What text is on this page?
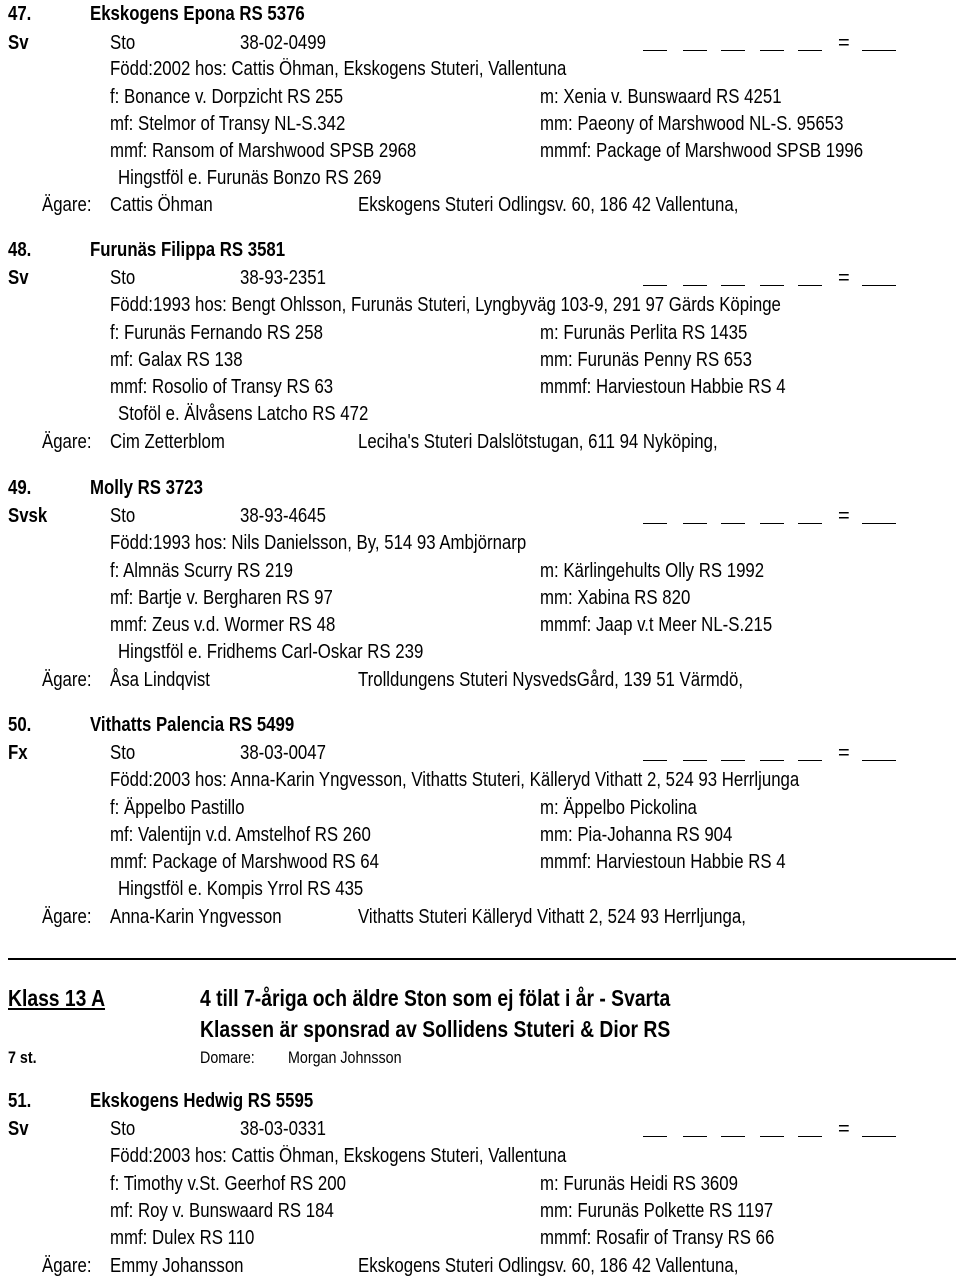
47.	Ekskogens Epona RS 5376
Sv	Sto	38-02-0499	=
Född:2002 hos: Cattis Öhman, Ekskogens Stuteri, Vallentuna
f: Bonance v. Dorpzicht RS 255	m: Xenia v. Bunswaard RS 4251
mf: Stelmor of Transy NL-S.342	mm: Paeony of Marshwood NL-S. 95653
mmf: Ransom of Marshwood SPSB 2968	mmmf: Package of Marshwood SPSB 1996
Hingstföl e. Furunäs Bonzo RS 269
Ägare: Cattis Öhman	Ekskogens Stuteri Odlingsv. 60, 186 42 Vallentuna,
48.	Furunäs Filippa RS 3581
Sv	Sto	38-93-2351	=
Född:1993 hos: Bengt Ohlsson, Furunäs Stuteri, Lyngbyväg 103-9, 291 97 Gärds Köpinge
f: Furunäs Fernando RS 258	m: Furunäs Perlita RS 1435
mf: Galax RS 138	mm: Furunäs Penny RS 653
mmf: Rosolio of Transy RS 63	mmmf: Harviestoun Habbie RS 4
Stoföl e. Älvåsens Latcho RS 472
Ägare: Cim Zetterblom	Leciha's Stuteri Dalslötstugan, 611 94 Nyköping,
49.	Molly RS 3723
Svsk	Sto	38-93-4645	=
Född:1993 hos: Nils Danielsson, By, 514 93 Ambjörnarp
f: Almnäs Scurry RS 219	m: Kärlingehults Olly RS 1992
mf: Bartje v. Bergharen RS 97	mm: Xabina RS 820
mmf: Zeus v.d. Wormer RS 48	mmmf: Jaap v.t Meer NL-S.215
Hingstföl e. Fridhems Carl-Oskar RS 239
Ägare: Åsa Lindqvist	Trolldungens Stuteri NysvedsGård, 139 51 Värmdö,
50.	Vithatts Palencia RS 5499
Fx	Sto	38-03-0047	=
Född:2003 hos: Anna-Karin Yngvesson, Vithatts Stuteri, Källeryd Vithatt 2, 524 93 Herrljunga
f: Äppelbo Pastillo	m: Äppelbo Pickolina
mf: Valentijn v.d. Amstelhof RS 260	mm: Pia-Johanna RS 904
mmf: Package of Marshwood RS 64	mmmf: Harviestoun Habbie RS 4
Hingstföl e. Kompis Yrrol RS 435
Ägare: Anna-Karin Yngvesson	Vithatts Stuteri Källeryd Vithatt 2, 524 93 Herrljunga,
Klass 13 A	4 till 7-åriga och äldre Ston som ej fölat i år - Svarta
Klassen är sponsrad av Sollidens Stuteri & Dior RS
7 st.	Domare: Morgan Johnsson
51.	Ekskogens Hedwig RS 5595
Sv	Sto	38-03-0331	=
Född:2003 hos: Cattis Öhman, Ekskogens Stuteri, Vallentuna
f: Timothy v.St. Geerhof RS 200	m: Furunäs Heidi RS 3609
mf: Roy v. Bunswaard RS 184	mm: Furunäs Polkette RS 1197
mmf: Dulex RS 110	mmmf: Rosafir of Transy RS 66
Ägare: Emmy Johansson	Ekskogens Stuteri Odlingsv. 60, 186 42 Vallentuna,
